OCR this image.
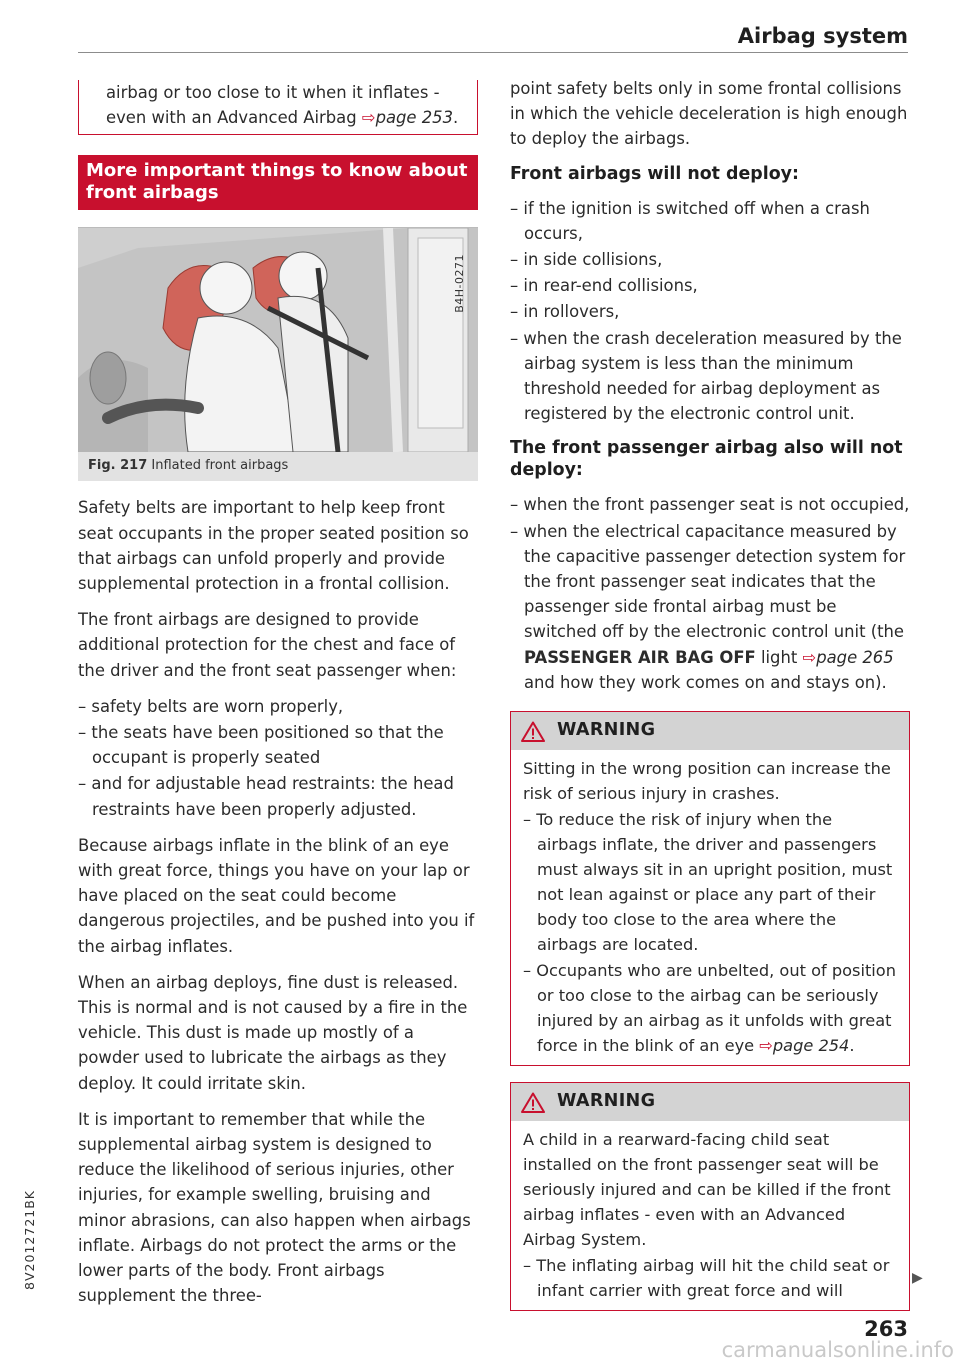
Airbag system
airbag or too close to it when it inflates - even with an Advanced Airbag ⇨page 253.
More important things to know about front airbags
B4H-0271
Fig. 217 Inflated front airbags

Safety belts are important to help keep front seat occupants in the proper seated position so that airbags can unfold properly and provide supplemental protection in a frontal collision.

The front airbags are designed to provide additional protection for the chest and face of the driver and the front seat passenger when:

– safety belts are worn properly,
– the seats have been positioned so that the occupant is properly seated
– and for adjustable head restraints: the head restraints have been properly adjusted.

Because airbags inflate in the blink of an eye with great force, things you have on your lap or have placed on the seat could become dangerous projectiles, and be pushed into you if the airbag inflates.

When an airbag deploys, fine dust is released. This is normal and is not caused by a fire in the vehicle. This dust is made up mostly of a powder used to lubricate the airbags as they deploy. It could irritate skin.

It is important to remember that while the supplemental airbag system is designed to reduce the likelihood of serious injuries, other injuries, for example swelling, bruising and minor abrasions, can also happen when airbags inflate. Airbags do not protect the arms or the lower parts of the body. Front airbags supplement the three-

point safety belts only in some frontal collisions in which the vehicle deceleration is high enough to deploy the airbags.

Front airbags will not deploy:
– if the ignition is switched off when a crash occurs,
– in side collisions,
– in rear-end collisions,
– in rollovers,
– when the crash deceleration measured by the airbag system is less than the minimum threshold needed for airbag deployment as registered by the electronic control unit.
The front passenger airbag also will not deploy:
– when the front passenger seat is not occupied,
– when the electrical capacitance measured by the capacitive passenger detection system for the front passenger seat indicates that the passenger side frontal airbag must be switched off by the electronic control unit (the PASSENGER AIR BAG OFF light ⇨page 265 and how they work comes on and stays on).
WARNING

Sitting in the wrong position can increase the risk of serious injury in crashes.

– To reduce the risk of injury when the airbags inflate, the driver and passengers must always sit in an upright position, must not lean against or place any part of their body too close to the area where the airbags are located.
– Occupants who are unbelted, out of position or too close to the airbag can be seriously injured by an airbag as it unfolds with great force in the blink of an eye ⇨page 254.
WARNING

A child in a rearward-facing child seat installed on the front passenger seat will be seriously injured and can be killed if the front airbag inflates - even with an Advanced Airbag System.

– The inflating airbag will hit the child seat or infant carrier with great force and will
▶
263
8V2012721BK
carmanualsonline.info
